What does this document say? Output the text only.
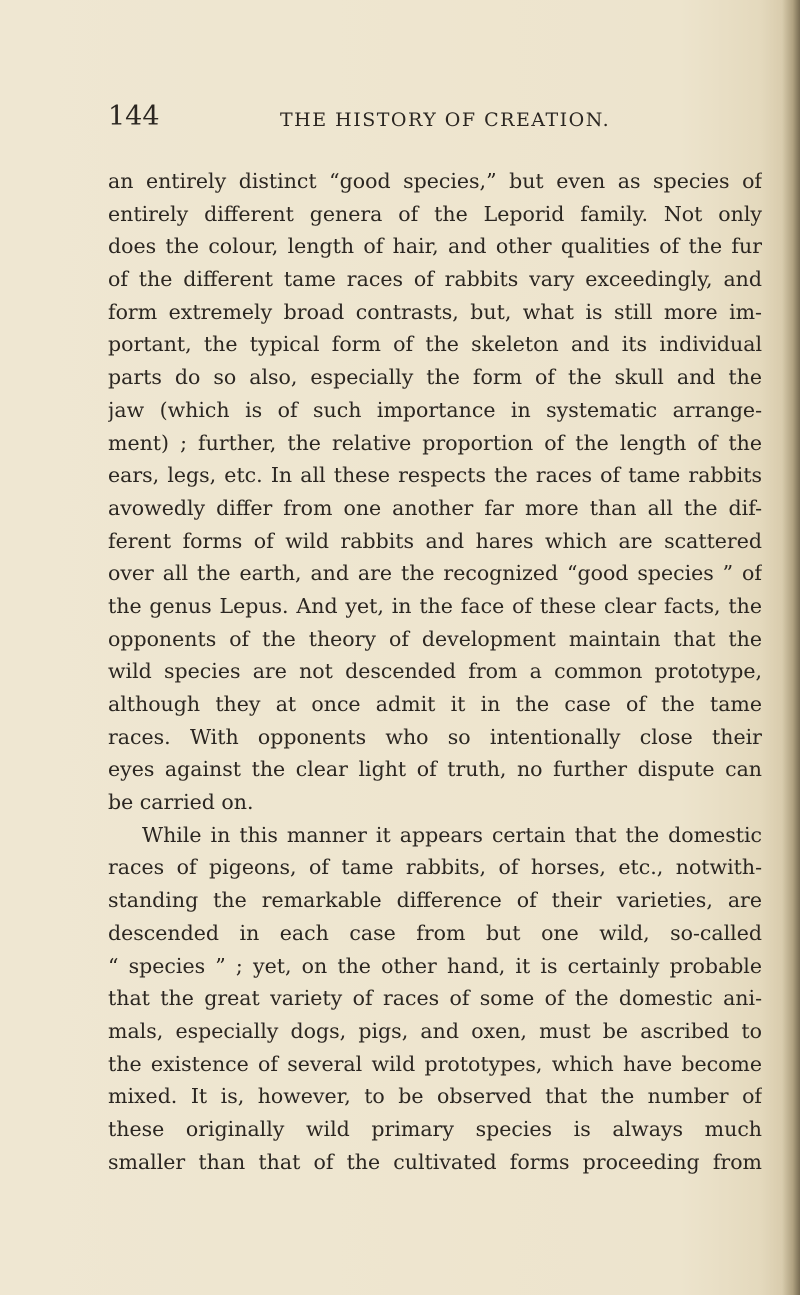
144	THE HISTORY OF CREATION.
an entirely distinct “good species,” but even as species of
entirely different genera of the Leporid family. Not only
does the colour, length of hair, and other qualities of the fur
of the different tame races of rabbits vary exceedingly, and
form extremely broad contrasts, but, what is still more im-
portant, the typical form of the skeleton and its individual
parts do so also, especially the form of the skull and the
jaw (which is of such importance in systematic arrange-
ment) ; further, the relative proportion of the length of the
ears, legs, etc. In all these respects the races of tame rabbits
avowedly differ from one another far more than all the dif-
ferent forms of wild rabbits and hares which are scattered
over all the earth, and are the recognized “good species ” of
the genus Lepus. And yet, in the face of these clear facts, the
opponents of the theory of development maintain that the
wild species are not descended from a common prototype,
although they at once admit it in the case of the tame
races. With opponents who so intentionally close their
eyes against the clear light of truth, no further dispute can
be carried on.
While in this manner it appears certain that the domestic
races of pigeons, of tame rabbits, of horses, etc., notwith-
standing the remarkable difference of their varieties, are
descended in each case from but one wild, so-called
“ species ” ; yet, on the other hand, it is certainly probable
that the great variety of races of some of the domestic ani-
mals, especially dogs, pigs, and oxen, must be ascribed to
the existence of several wild prototypes, which have become
mixed. It is, however, to be observed that the number of
these originally wild primary species is always much
smaller than that of the cultivated forms proceeding from
